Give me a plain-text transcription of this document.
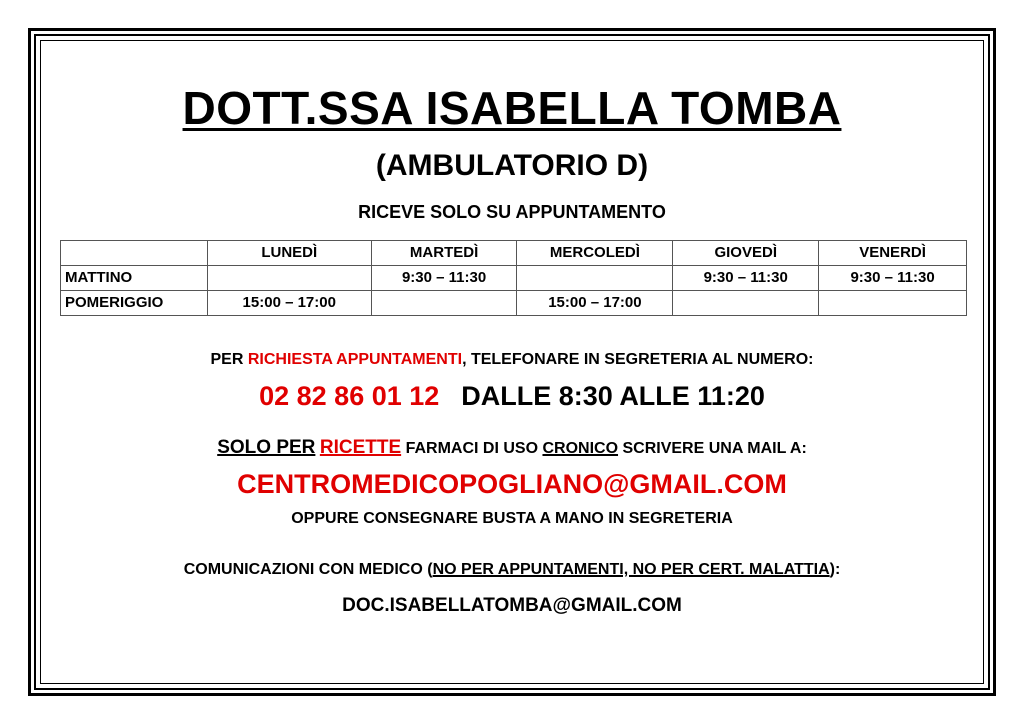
DOTT.SSA ISABELLA TOMBA
(AMBULATORIO D)
RICEVE SOLO SU APPUNTAMENTO
	LUNEDÌ	MARTEDÌ	MERCOLEDÌ	GIOVEDÌ	VENERDÌ
MATTINO		9:30 – 11:30		9:30 – 11:30	9:30 – 11:30
POMERIGGIO	15:00 – 17:00		15:00 – 17:00		
PER RICHIESTA APPUNTAMENTI, TELEFONARE IN SEGRETERIA AL NUMERO:
02 82 86 01 12 DALLE 8:30 ALLE 11:20
SOLO PER RICETTE FARMACI DI USO CRONICO SCRIVERE UNA MAIL A:
CENTROMEDICOPOGLIANO@GMAIL.COM
OPPURE CONSEGNARE BUSTA A MANO IN SEGRETERIA
COMUNICAZIONI CON MEDICO (NO PER APPUNTAMENTI, NO PER CERT. MALATTIA):
DOC.ISABELLATOMBA@GMAIL.COM
